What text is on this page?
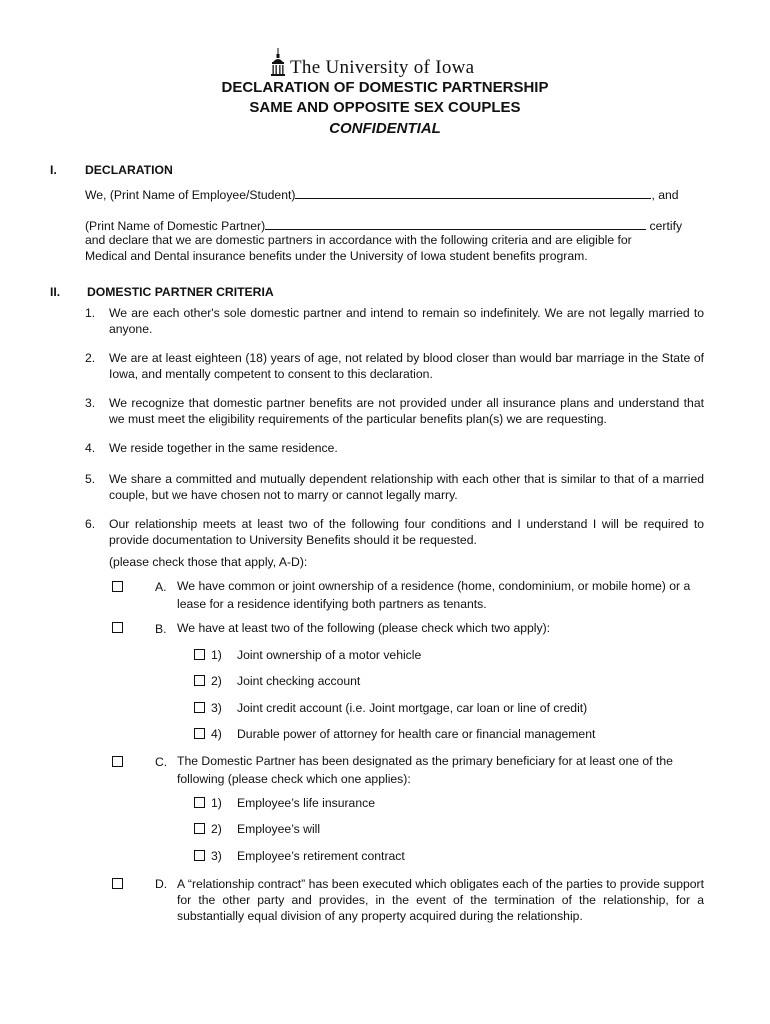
The University of Iowa
DECLARATION OF DOMESTIC PARTNERSHIP
SAME AND OPPOSITE SEX COUPLES
CONFIDENTIAL
I. DECLARATION
We, (Print Name of Employee/Student)	, and
(Print Name of Domestic Partner)	certify
and declare that we are domestic partners in accordance with the following criteria and are eligible for
Medical and Dental insurance benefits under the University of Iowa student benefits program.
II. DOMESTIC PARTNER CRITERIA
1.	We are each other's sole domestic partner and intend to remain so indefinitely. We are not legally married to anyone.
2.	We are at least eighteen (18) years of age, not related by blood closer than would bar marriage in the State of Iowa, and mentally competent to consent to this declaration.
3.	We recognize that domestic partner benefits are not provided under all insurance plans and understand that we must meet the eligibility requirements of the particular benefits plan(s) we are requesting.
4.	We reside together in the same residence.
5.	We share a committed and mutually dependent relationship with each other that is similar to that of a married couple, but we have chosen not to marry or cannot legally marry.
6.	Our relationship meets at least two of the following four conditions and I understand I will be required to provide documentation to University Benefits should it be requested.
(please check those that apply, A-D):
A. We have common or joint ownership of a residence (home, condominium, or mobile home) or a lease for a residence identifying both partners as tenants.
B. We have at least two of the following (please check which two apply):
1) Joint ownership of a motor vehicle
2) Joint checking account
3) Joint credit account (i.e. Joint mortgage, car loan or line of credit)
4) Durable power of attorney for health care or financial management
C. The Domestic Partner has been designated as the primary beneficiary for at least one of the following (please check which one applies):
1) Employee’s life insurance
2) Employee’s will
3) Employee’s retirement contract
D. A “relationship contract” has been executed which obligates each of the parties to provide support for the other party and provides, in the event of the termination of the relationship, for a substantially equal division of any property acquired during the relationship.
